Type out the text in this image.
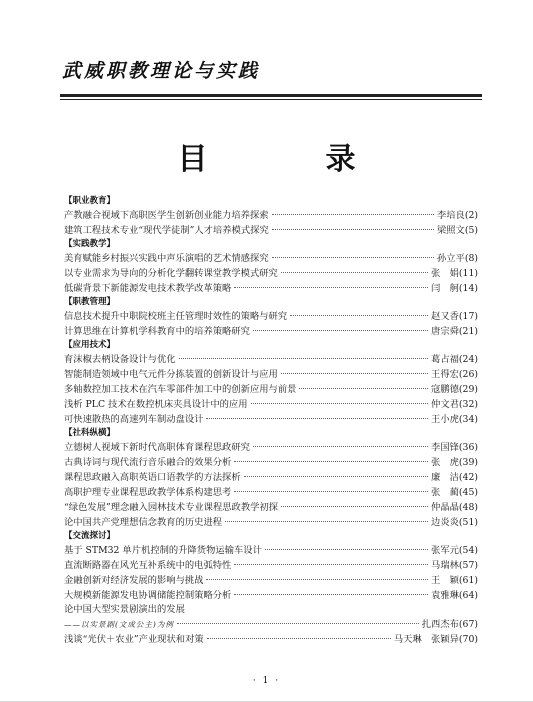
武威职教理论与实践
目　录
【职业教育】
产教融合视域下高职医学生创新创业能力培养探索	李培良(2)
建筑工程技术专业“现代学徒制”人才培养模式探究	梁照文(5)
【实践教学】
美育赋能乡村振兴实践中声乐演唱的艺术情感探究	孙立平(8)
以专业需求为导向的分析化学翻转课堂教学模式研究	张　娟(11)
低碳背景下新能源发电技术教学改革策略	闫　舸(14)
【职教管理】
信息技术提升中职院校班主任管理时效性的策略与研究	赵又香(17)
计算思维在计算机学科教育中的培养策略研究	唐宗舜(21)
【应用技术】
育沫椒去柄设备设计与优化	葛占福(24)
智能制造领域中电气元件分拣装置的创新设计与应用	王得宏(26)
多轴数控加工技术在汽车零部件加工中的创新应用与前景	寇鹏德(29)
浅析 PLC 技术在数控机床夹具设计中的应用	仲文君(32)
可快速散热的高速列车制动盘设计	王小虎(34)
【社科纵横】
立德树人视域下新时代高职体育课程思政研究	李国锋(36)
古典诗词与现代流行音乐融合的效果分析	张　虎(39)
课程思政融入高职英语口语教学的方法探析	廉　洁(42)
高职护理专业课程思政教学体系构建思考	张　蔺(45)
“绿色发展”理念融入园林技术专业课程思政教学初探	仲晶晶(48)
论中国共产党理想信念教育的历史进程	边炎炎(51)
【交流探讨】
基于 STM32 单片机控制的升降货物运输车设计	张军元(54)
直流断路器在风光互补系统中的电弧特性	马瑞林(57)
金融创新对经济发展的影响与挑战	王　颖(61)
大规模新能源发电协调储能控制策略分析	袁雅琳(64)
论中国大型实景剧演出的发展
——以实景剧(文成公主)为例	扎西杰布(67)
浅谈“光伏＋农业”产业现状和对策	马天琳　张颖异(70)
· 1 ·
